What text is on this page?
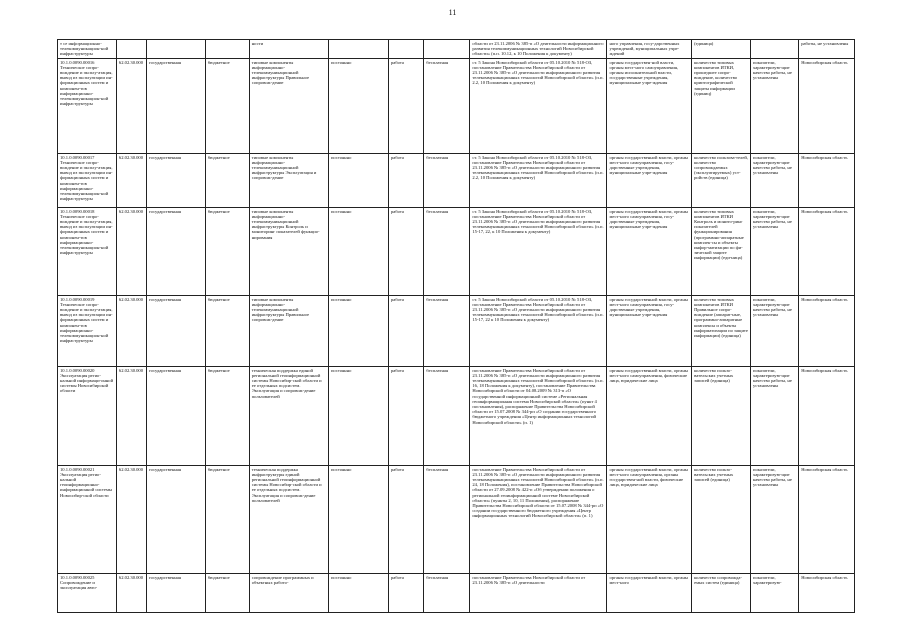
11
т се информационно-телекоммуникацион-ной инфраструктуры				ности				области от 23.11.2006 № 385-п «О деятельности информационного развития телекоммуникационных технологий Новосибирской области» (п.п. 10.12, к 10 Положения к документу)	ного управления, госу-дарственных учреждений, муниципальных учре-ждений	(единица)		работы, не установлены
10.1.0.0090.00016 Техническое сопро-вождение и эксплу-атация, вывод из эксплуатации ин-формационных систем и компонен-тов информационно-телекоммуникацион-ной инфраструктуры	62.02.30.000	государственная	бюджетное	типовые компоненты информационно-телекоммуникационной инфраструктуры Правильное сопровож-дение	постоянно	работа	бесплатная	ст. 5 Закона Новосибирской области от 05.10.2010 № 518-ОЗ, постановление Правительства Новосибирской области от 23.11.2006 № 385-п «О деятельности информационного развития телекоммуникационных технологий Новосибирской области» (п.п. 2.2, 10 Положения к документу)	органы государствен-ной власти, органы мест-ного самоуправления, органы исполнительной власти, государственные учреждения, муниципальные учре-ждения	количество типовых компонентов ИТКИ, прошедшее сопро-вождение, количество криптографической защиты информации (единиц)	показатели, характеризую-щие качество работы, не установлены	Новосибирская область
10.1.0.0090.00017 Техническое сопро-вождение и эксплу-атация, вывод из эксплуатации ин-формационных систем и компонен-тов информационно-телекоммуникацион-ной инфраструктуры	62.02.30.000	государственная	бюджетное	типовые компоненты информационно-телекоммуникационной инфраструктуры Эксплуатация и сопровож-дение	постоянно	работа	бесплатная	ст. 5 Закона Новосибирской области от 05.10.2010 № 518-ОЗ, постановление Правительства Новосибирской области от 23.11.2006 № 385-п «О деятельности информационного развития телекоммуникационных технологий Новосибирской области» (п.п. 2.2, 10 Положения к документу)	органы государственной власти, органы мест-ного самоуправления, госу-дарственные учреждения, муниципальные учре-ждения	количество пользова-телей, количество сопровождаемых (эксплуатируемых) уст-ройств (единица)	показатели, характеризую-щие качество работы, не установлены	Новосибирская область
10.1.0.0090.00018 Техническое сопро-вождение и эксплу-атация, вывод из эксплуатации ин-формационных систем и компонен-тов информационно-телекоммуникацион-ной инфраструктуры	62.02.30.000	государственная	бюджетное	типовые компоненты информационно-телекоммуникационной инфраструктуры Контроль и мониторинг показателей функцио-нирования	постоянно	работа	бесплатная	ст. 5 Закона Новосибирской области от 05.10.2010 № 518-ОЗ, постановление Правительства Новосибирской области от 23.11.2006 № 385-п «О деятельности информационного развития телекоммуникационных технологий Новосибирской области» (п.п. 15-17, 22, к 10 Положения к документу)	органы государственной власти, органы мест-ного самоуправления, госу-дарственные учреждения, муниципальные учре-ждения	количество типовых компонентов ИТКИ Контроль и монито-ринг показателей функционирования (программно-аппаратные комплек-сы и объекты инфор-матизации по фи-зической защите информации) (еди-ница)	показатели, характеризую-щие качество работы, не установлены	Новосибирская область
10.1.0.0090.00019 Техническое сопро-вождение и эксплу-атация, вывод из эксплуатации ин-формационных систем и компонен-тов информационно-телекоммуникацион-ной инфраструктуры	62.02.30.000	государственная	бюджетное	типовые компоненты информационно-телекоммуникационной инфраструктуры Правильное сопровож-дение	постоянно	работа	бесплатная	ст. 5 Закона Новосибирской области от 05.10.2010 № 518-ОЗ, постановление Правительства Новосибирской области от 23.11.2006 № 385-п «О деятельности информационного развития телекоммуникационных технологий Новосибирской области» (п.п. 15-17, 22 к 10 Положения к документу)	органы государственной власти, органы мест-ного самоуправления, госу-дарственные учреждения, муниципальные учре-ждения	количество типовых компонентов ИТКИ Правильное сопро-вождение (аппарат-ные, программно-аппаратные комплексы и объекты информатизации по защите информации) (единица)	показатели, характеризую-щие качество работы, не установлены	Новосибирская область
10.1.0.0090.00020 Эксплуатация регио-нальной информаци-онной системы Новосибирской области	62.02.30.000	государственная	бюджетное	техническая поддержка единой региональной геоинформационной системы Новосибир-ской области и ее отдельных подсистем. Эксплуатация и сопровож-дение пользователей	постоянно	работа	бесплатная	постановление Правительства Новосибирской области от 23.11.2006 № 385-п «О деятельности информационного развития телекоммуникационных технологий Новосибирской области» (п.п. 16, 18 Положения к документу), постановление Правительства Новосибирской области от 04.08.2009 № 313-п «О государственной информационной системе «Региональная геоинформационная система Новосибирской области» (пункт 4 постановления), распоряжение Правительства Новосибирской области от 15.07.2008 № 344-рп «О создании государственного бюджетного учреждения «Центр информационных технологий Новосибирской области» (п. 1)	органы государственной власти, органы мест-ного самоуправления, физические лица, юридические лица	количество пользо-вательских учетных записей (единица)	показатели, характеризую-щие качество работы, не установлены	Новосибирская область
10.1.0.0090.00021 Эксплуатация регио-нальной геоинформационно-информационной системы Новосибир-ской области	62.02.30.000	государственная	бюджетное	техническая поддержка инфраструктуры единой региональной геоинформационной системы Новосибир-ской области и ее отдельных подсистем. Эксплуатация и сопровож-дение пользователей	постоянно	работа	бесплатная	постановление Правительства Новосибирской области от 23.11.2006 № 385-п «О деятельности информационного развития телекоммуникационных технологий Новосибирской области» (п.п. 24, 18 Положения), постановление Правительства Новосибирской области от 27.09.2008 № 422-п «Об утверждении положения о региональной геоинформационной системе Новосибирской области» (пункты 2, 10, 11 Положения), распоряжение Правительства Новосибирской области от 15.07.2008 № 344-рп «О создании государственного бюджетного учреждения «Центр информационных технологий Новосибирской области» (п. 1)	органы государственной власти, органы мест-ного самоуправления, органы государствен-ной власти, физические лица, юридические лица	количество пользо-вательских учетных записей (единица)	показатели, характеризую-щие качество работы, не установлены	Новосибирская область
10.1.0.0090.00025 Сопровождение и эксплуатация авто-	62.02.30.000	государственная	бюджетное	сопровождение программных и объектных работо-	постоянно	работа	бесплатная	постановление Правительства Новосибирской области от 23.11.2006 № 385-п «О деятельности	органы государственной власти, органы мест-ного	количество сопровожда-емых систем (единица)	показатели, характеризую-	Новосибирская область
